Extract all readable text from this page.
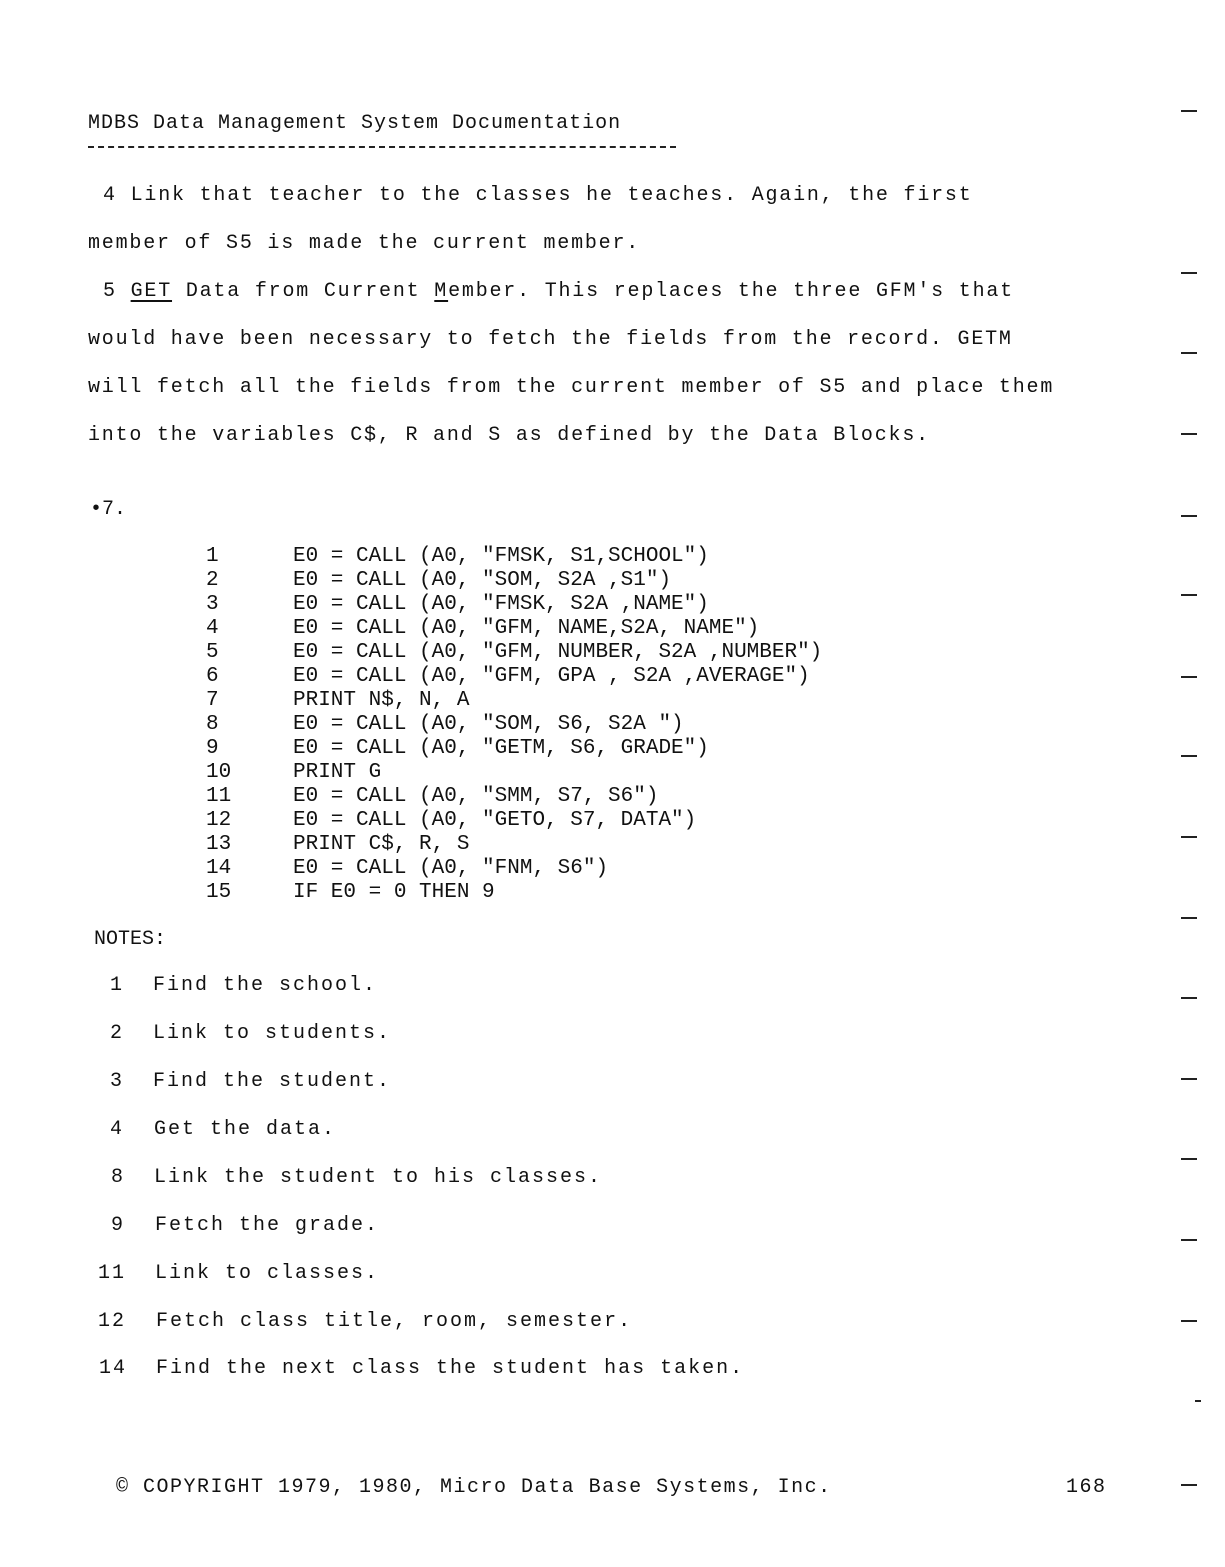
MDBS Data Management System Documentation
4 Link that teacher to the classes he teaches. Again, the first
member of S5 is made the current member.
5 GET Data from Current Member. This replaces the three GFM's that
would have been necessary to fetch the fields from the record. GETM
will fetch all the fields from the current member of S5 and place them
into the variables C$, R and S as defined by the Data Blocks.
•7.
1	E0 = CALL (A0, "FMSK, S1,SCHOOL")
2	E0 = CALL (A0, "SOM, S2A ,S1")
3	E0 = CALL (A0, "FMSK, S2A ,NAME")
4	E0 = CALL (A0, "GFM, NAME,S2A, NAME")
5	E0 = CALL (A0, "GFM, NUMBER, S2A ,NUMBER")
6	E0 = CALL (A0, "GFM, GPA , S2A ,AVERAGE")
7	PRINT N$, N, A
8	E0 = CALL (A0, "SOM, S6, S2A ")
9	E0 = CALL (A0, "GETM, S6, GRADE")
10	PRINT G
11	E0 = CALL (A0, "SMM, S7, S6")
12	E0 = CALL (A0, "GETO, S7, DATA")
13	PRINT C$, R, S
14	E0 = CALL (A0, "FNM, S6")
15	IF E0 = 0 THEN 9
NOTES:
1 Find the school.
2 Link to students.
3 Find the student.
4 Get the data.
8 Link the student to his classes.
9 Fetch the grade.
11 Link to classes.
12 Fetch class title, room, semester.
14 Find the next class the student has taken.
© COPYRIGHT 1979, 1980, Micro Data Base Systems, Inc.	168
